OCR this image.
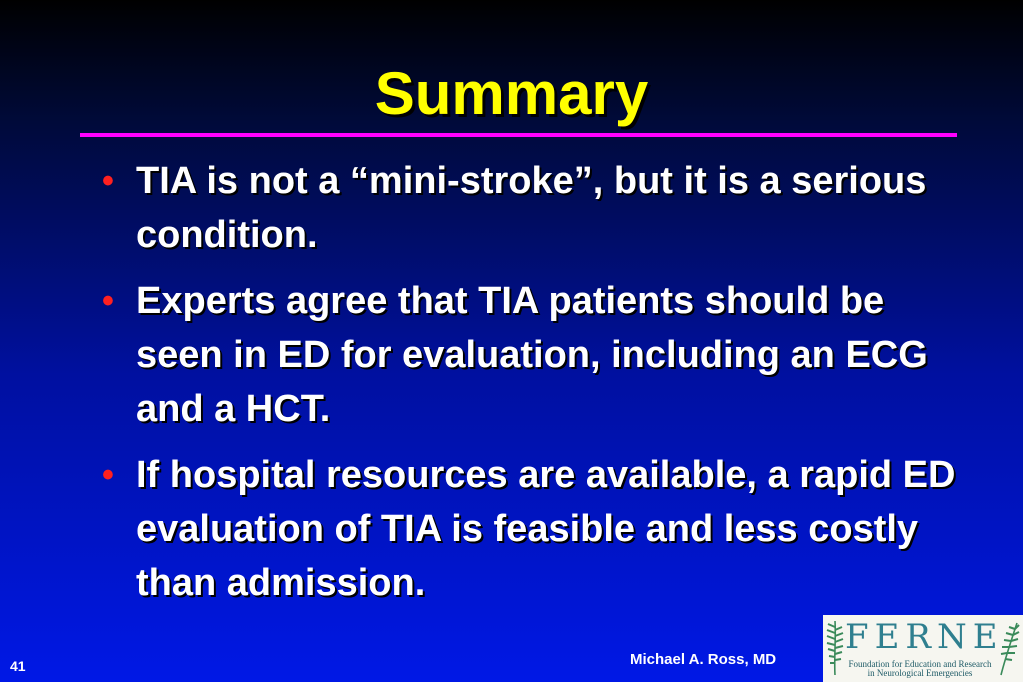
Summary
• TIA is not a “mini-stroke”, but it is a serious condition.
• Experts agree that TIA patients should be seen in ED for evaluation, including an ECG and a HCT.
• If hospital resources are available, a rapid ED evaluation of TIA is feasible and less costly than admission.
41	Michael A. Ross, MD
FERNE
Foundation for Education and Research
in Neurological Emergencies
